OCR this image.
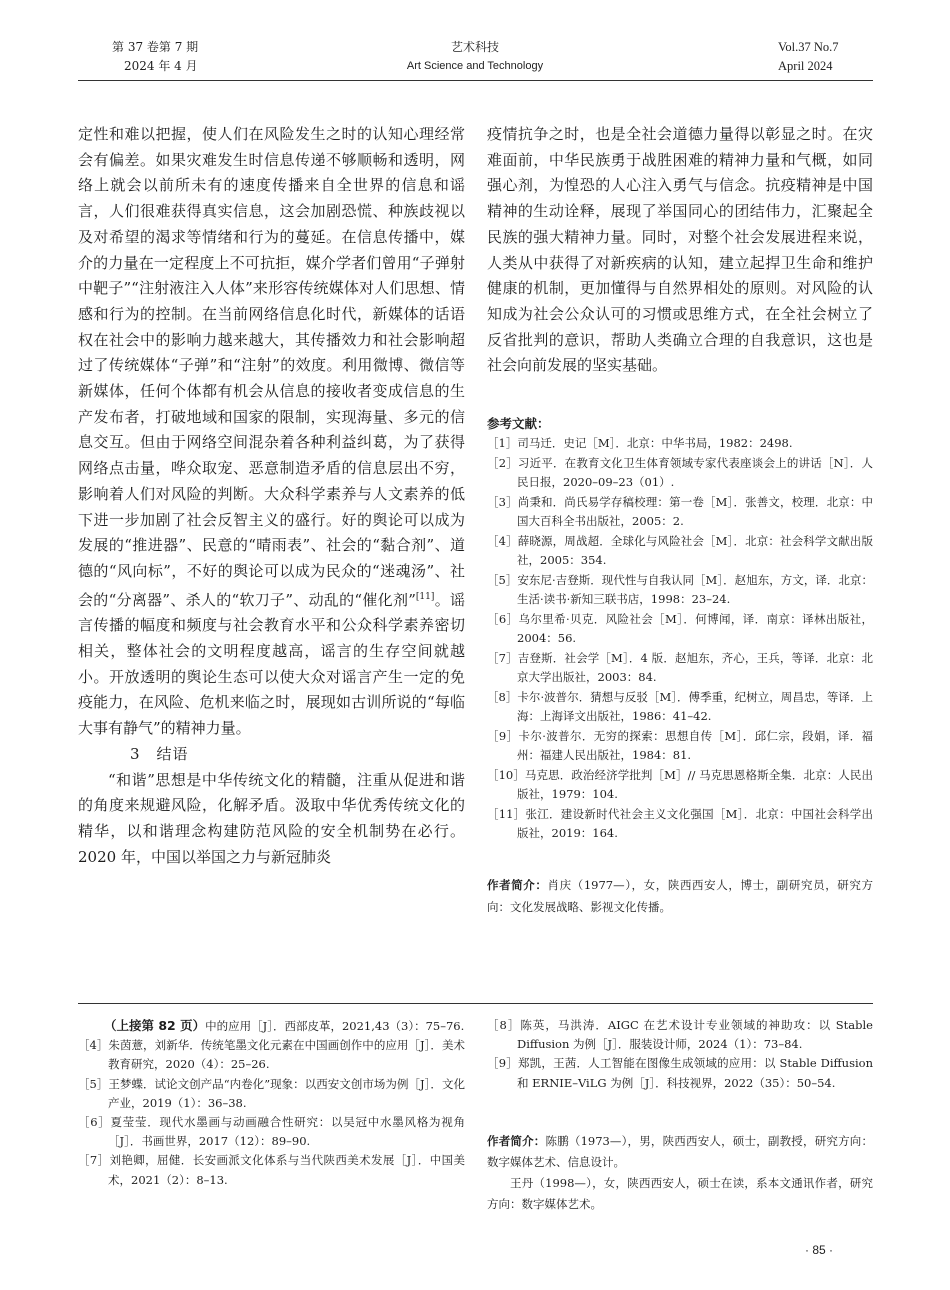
第 37 卷第 7 期
2024 年 4 月
艺术科技
Art Science and Technology
Vol.37 No.7
April 2024

定性和难以把握，使人们在风险发生之时的认知心理经常会有偏差。如果灾难发生时信息传递不够顺畅和透明，网络上就会以前所未有的速度传播来自全世界的信息和谣言，人们很难获得真实信息，这会加剧恐慌、种族歧视以及对希望的渴求等情绪和行为的蔓延。在信息传播中，媒介的力量在一定程度上不可抗拒，媒介学者们曾用“子弹射中靶子”“注射液注入人体”来形容传统媒体对人们思想、情感和行为的控制。在当前网络信息化时代，新媒体的话语权在社会中的影响力越来越大，其传播效力和社会影响超过了传统媒体“子弹”和“注射”的效度。利用微博、微信等新媒体，任何个体都有机会从信息的接收者变成信息的生产发布者，打破地域和国家的限制，实现海量、多元的信息交互。但由于网络空间混杂着各种利益纠葛，为了获得网络点击量，哗众取宠、恶意制造矛盾的信息层出不穷，影响着人们对风险的判断。大众科学素养与人文素养的低下进一步加剧了社会反智主义的盛行。好的舆论可以成为发展的“推进器”、民意的“晴雨表”、社会的“黏合剂”、道德的“风向标”，不好的舆论可以成为民众的“迷魂汤”、社会的“分离器”、杀人的“软刀子”、动乱的“催化剂”[11]。谣言传播的幅度和频度与社会教育水平和公众科学素养密切相关，整体社会的文明程度越高，谣言的生存空间就越小。开放透明的舆论生态可以使大众对谣言产生一定的免疫能力，在风险、危机来临之时，展现如古训所说的“每临大事有静气”的精神力量。

3　结语

“和谐”思想是中华传统文化的精髓，注重从促进和谐的角度来规避风险，化解矛盾。汲取中华优秀传统文化的精华，以和谐理念构建防范风险的安全机制势在必行。2020 年，中国以举国之力与新冠肺炎

疫情抗争之时，也是全社会道德力量得以彰显之时。在灾难面前，中华民族勇于战胜困难的精神力量和气概，如同强心剂，为惶恐的人心注入勇气与信念。抗疫精神是中国精神的生动诠释，展现了举国同心的团结伟力，汇聚起全民族的强大精神力量。同时，对整个社会发展进程来说，人类从中获得了对新疾病的认知，建立起捍卫生命和维护健康的机制，更加懂得与自然界相处的原则。对风险的认知成为社会公众认可的习惯或思维方式，在全社会树立了反省批判的意识，帮助人类确立合理的自我意识，这也是社会向前发展的坚实基础。

参考文献：
［1］司马迁．史记［M］．北京：中华书局，1982：2498.
［2］习近平．在教育文化卫生体育领域专家代表座谈会上的讲话［N］．人民日报，2020–09–23（01）.
［3］尚秉和．尚氏易学存稿校理：第一卷［M］．张善文，校理．北京：中国大百科全书出版社，2005：2.
［4］薛晓源，周战超．全球化与风险社会［M］．北京：社会科学文献出版社，2005：354.
［5］安东尼·吉登斯．现代性与自我认同［M］．赵旭东，方文，译．北京：生活·读书·新知三联书店，1998：23–24.
［6］乌尔里希·贝克．风险社会［M］．何博闻，译．南京：译林出版社，2004：56.
［7］吉登斯．社会学［M］．4 版．赵旭东，齐心，王兵，等译．北京：北京大学出版社，2003：84.
［8］卡尔·波普尔．猜想与反驳［M］．傅季重，纪树立，周昌忠，等译．上海：上海译文出版社，1986：41–42.
［9］卡尔·波普尔．无穷的探索：思想自传［M］．邱仁宗，段娟，译．福州：福建人民出版社，1984：81.
［10］马克思．政治经济学批判［M］// 马克思恩格斯全集．北京：人民出版社，1979：104.
［11］张江．建设新时代社会主义文化强国［M］．北京：中国社会科学出版社，2019：164.
作者简介：肖庆（1977—），女，陕西西安人，博士，副研究员，研究方向：文化发展战略、影视文化传播。
（上接第 82 页）中的应用［J］．西部皮革，2021,43（3）：75–76.
［4］朱茵薏，刘新华．传统笔墨文化元素在中国画创作中的应用［J］．美术教育研究，2020（4）：25–26.
［5］王梦蝶．试论文创产品“内卷化”现象：以西安文创市场为例［J］．文化产业，2019（1）：36–38.
［6］夏莹莹．现代水墨画与动画融合性研究：以吴冠中水墨风格为视角［J］．书画世界，2017（12）：89–90.
［7］刘艳卿，屈健．长安画派文化体系与当代陕西美术发展［J］．中国美术，2021（2）：8–13.
［8］陈英，马洪涛．AIGC 在艺术设计专业领域的神助攻：以 Stable Diffusion 为例［J］．服装设计师，2024（1）：73–84.
［9］郑凯，王茜．人工智能在图像生成领域的应用：以 Stable Diffusion 和 ERNIE–ViLG 为例［J］．科技视界，2022（35）：50–54.
作者简介：陈鹏（1973—），男，陕西西安人，硕士，副教授，研究方向：数字媒体艺术、信息设计。
王丹（1998—），女，陕西西安人，硕士在读，系本文通讯作者，研究方向：数字媒体艺术。
· 85 ·
